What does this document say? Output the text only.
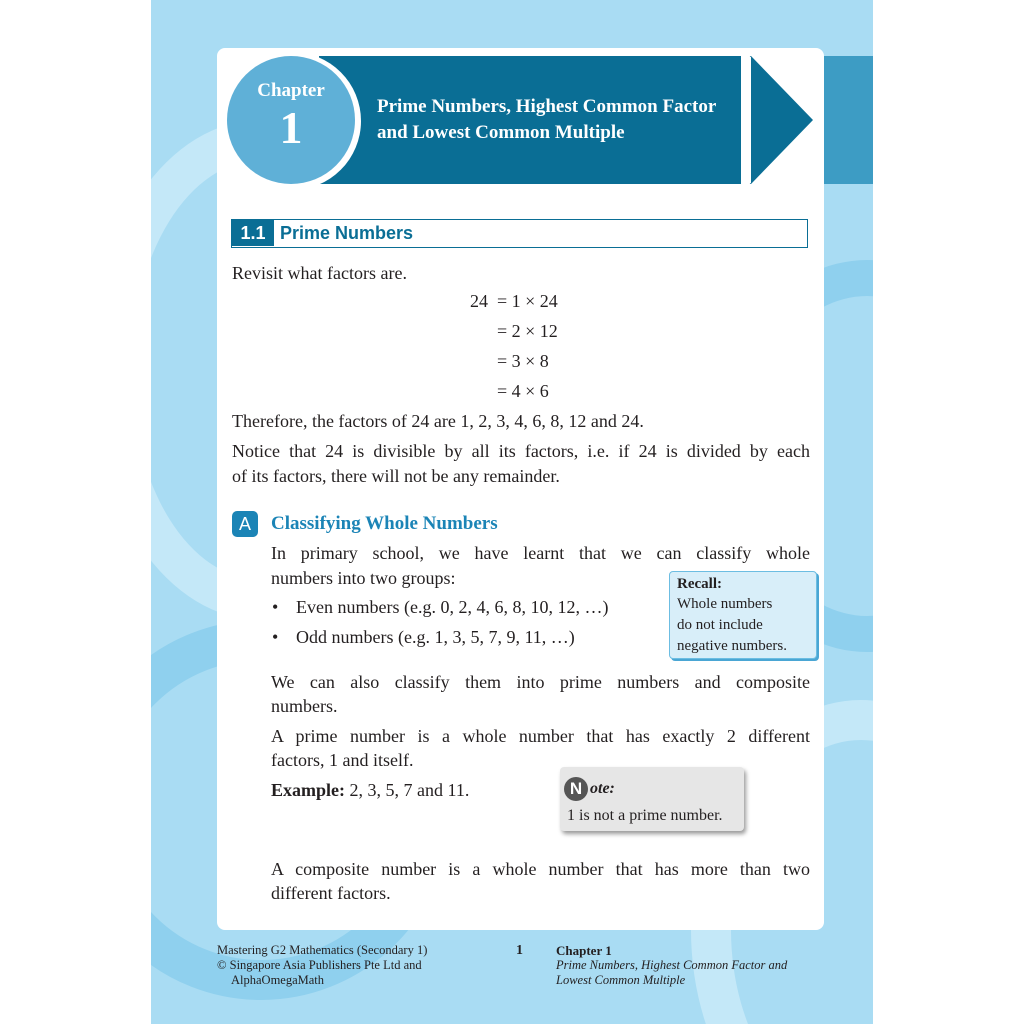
Prime Numbers, Highest Common Factor
and Lowest Common Multiple
Chapter
1
1.1 Prime Numbers
Revisit what factors are.
24 = 1 × 24
= 2 × 12
= 3 × 8
= 4 × 6
Therefore, the factors of 24 are 1, 2, 3, 4, 6, 8, 12 and 24.
Notice that 24 is divisible by all its factors, i.e. if 24 is divided by each
of its factors, there will not be any remainder.
A	Classifying Whole Numbers
In primary school, we have learnt that we can classify whole
numbers into two groups:
• Even numbers (e.g. 0, 2, 4, 6, 8, 10, 12, …)
• Odd numbers (e.g. 1, 3, 5, 7, 9, 11, …)
Recall:
Whole numbers
do not include
negative numbers.
We can also classify them into prime numbers and composite
numbers.
A prime number is a whole number that has exactly 2 different
factors, 1 and itself.
Example: 2, 3, 5, 7 and 11.	N ote:
1 is not a prime number.
A composite number is a whole number that has more than two
different factors.
Mastering G2 Mathematics (Secondary 1)
© Singapore Asia Publishers Pte Ltd and
AlphaOmegaMath
1	Chapter 1
Prime Numbers, Highest Common Factor and
Lowest Common Multiple
